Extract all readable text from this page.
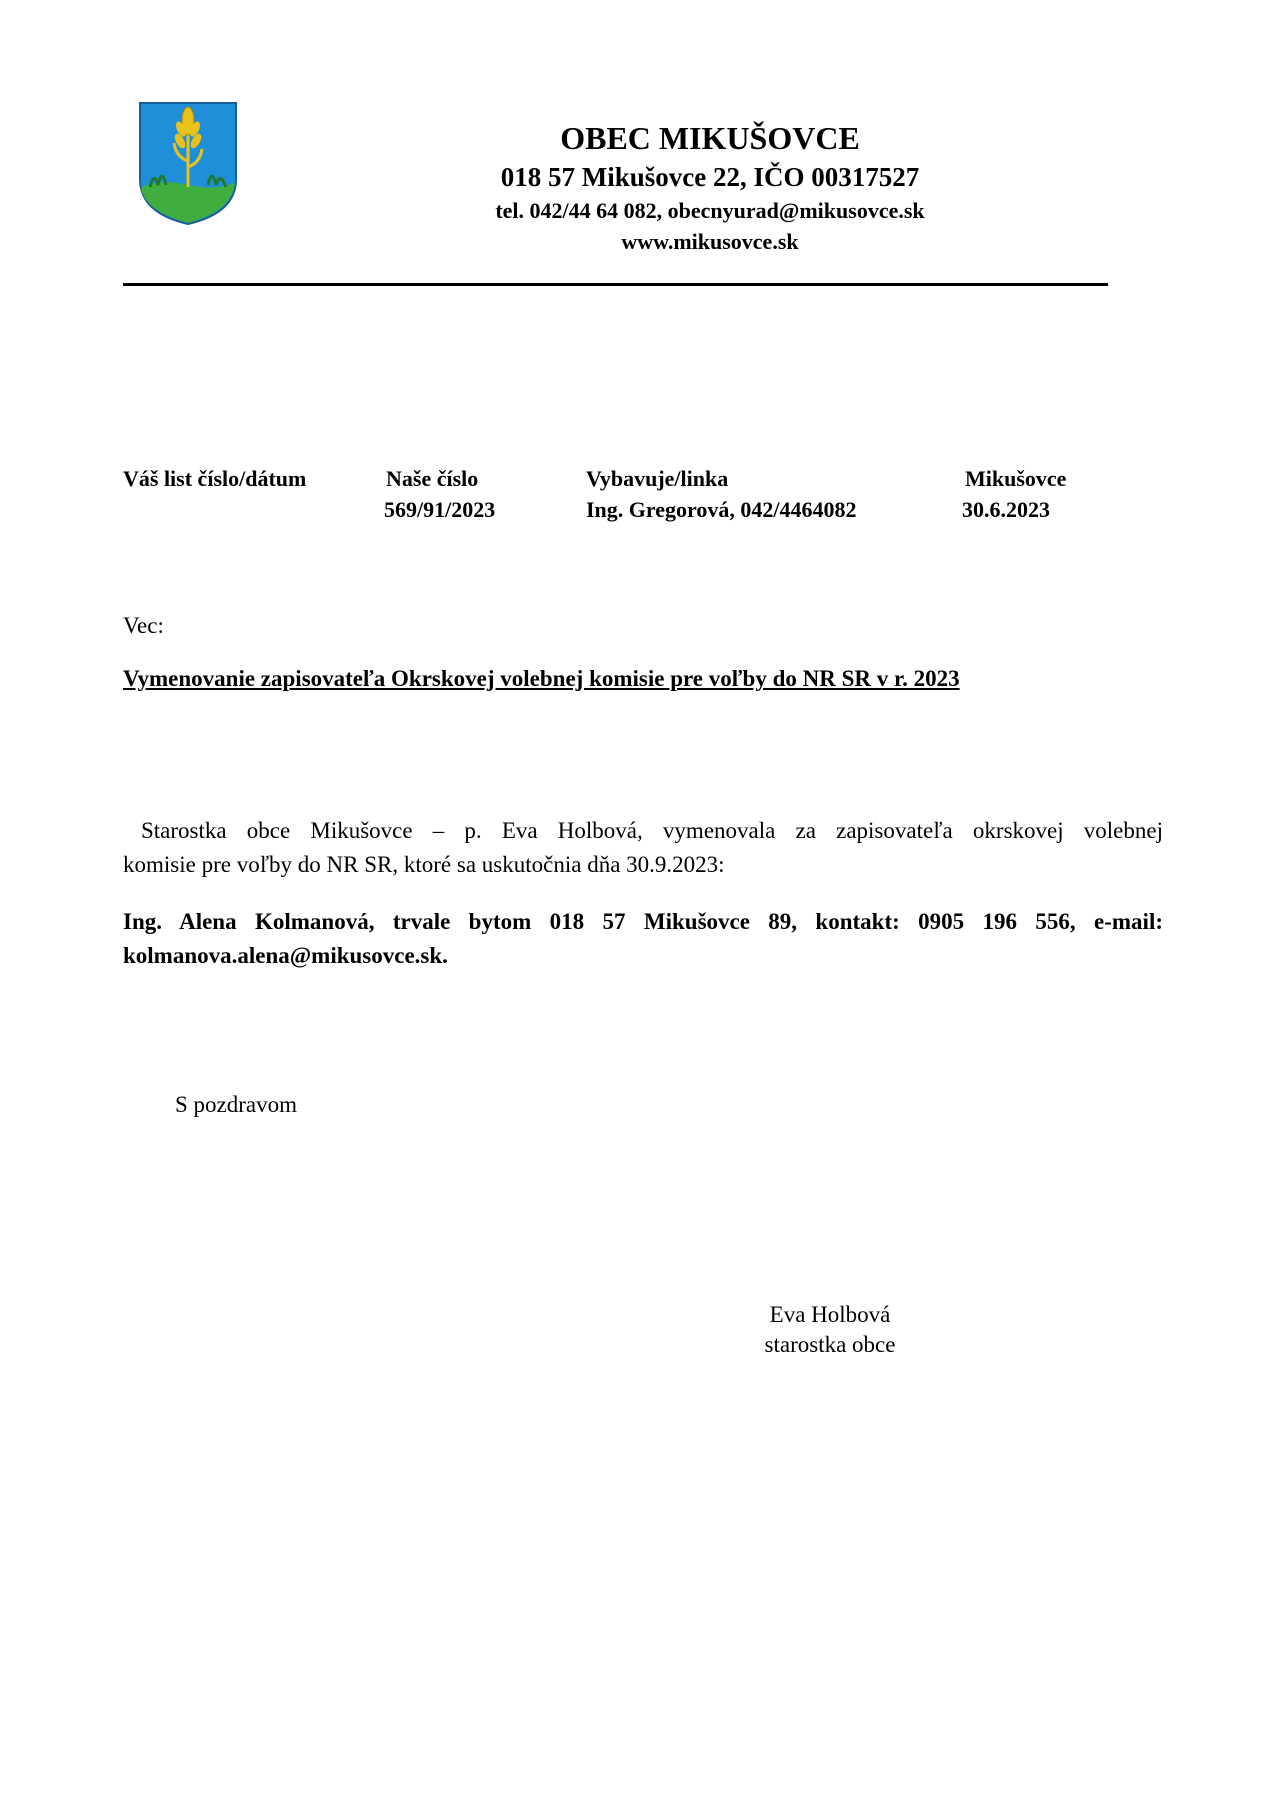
OBEC MIKUŠOVCE
018 57 Mikušovce 22, IČO 00317527
tel. 042/44 64 082, obecnyurad@mikusovce.sk
www.mikusovce.sk
Váš list číslo/dátum	Naše číslo
569/91/2023
Vybavuje/linka
Ing. Gregorová, 042/4464082
Mikušovce
30.6.2023
Vec:
Vymenovanie zapisovateľa Okrskovej volebnej komisie pre voľby do NR SR v r. 2023
Starostka obce Mikušovce – p. Eva Holbová, vymenovala za zapisovateľa okrskovej volebnej
komisie pre voľby do NR SR, ktoré sa uskutočnia dňa 30.9.2023:
Ing. Alena Kolmanová, trvale bytom 018 57 Mikušovce 89, kontakt: 0905 196 556, e-mail:
kolmanova.alena@mikusovce.sk.
S pozdravom
Eva Holbová
starostka obce
